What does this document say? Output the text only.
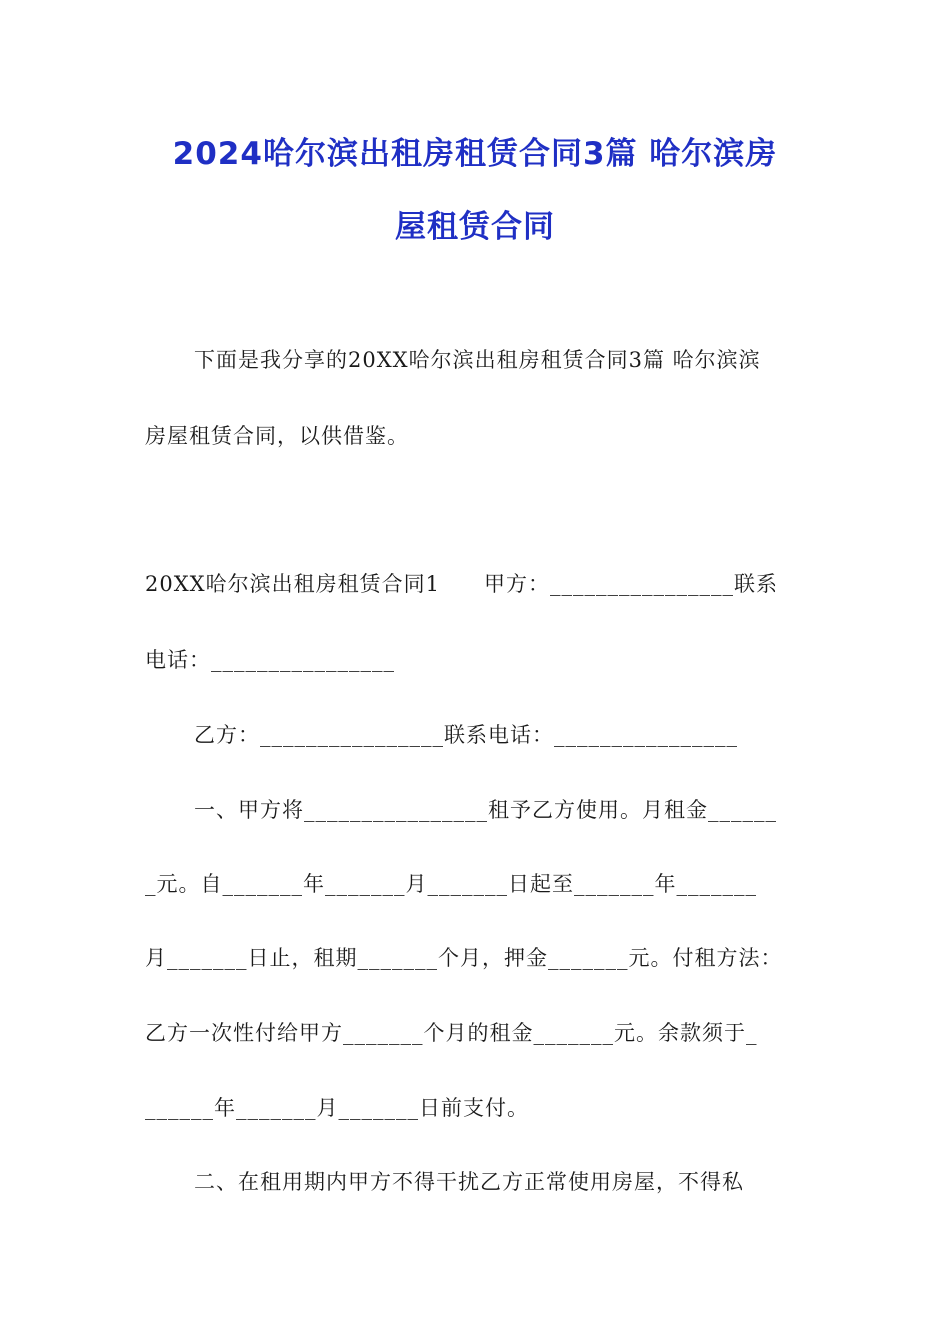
2024哈尔滨出租房租赁合同3篇 哈尔滨房
屋租赁合同
下面是我分享的20XX哈尔滨出租房租赁合同3篇 哈尔滨滨
房屋租赁合同，以供借鉴。
20XX哈尔滨出租房租赁合同1　　甲方：________________联系
电话：________________
乙方：________________联系电话：________________
一、甲方将________________租予乙方使用。月租金______
_元。自_______年_______月_______日起至_______年_______
月_______日止，租期_______个月，押金_______元。付租方法：
乙方一次性付给甲方_______个月的租金_______元。余款须于_
______年_______月_______日前支付。
二、在租用期内甲方不得干扰乙方正常使用房屋，不得私
